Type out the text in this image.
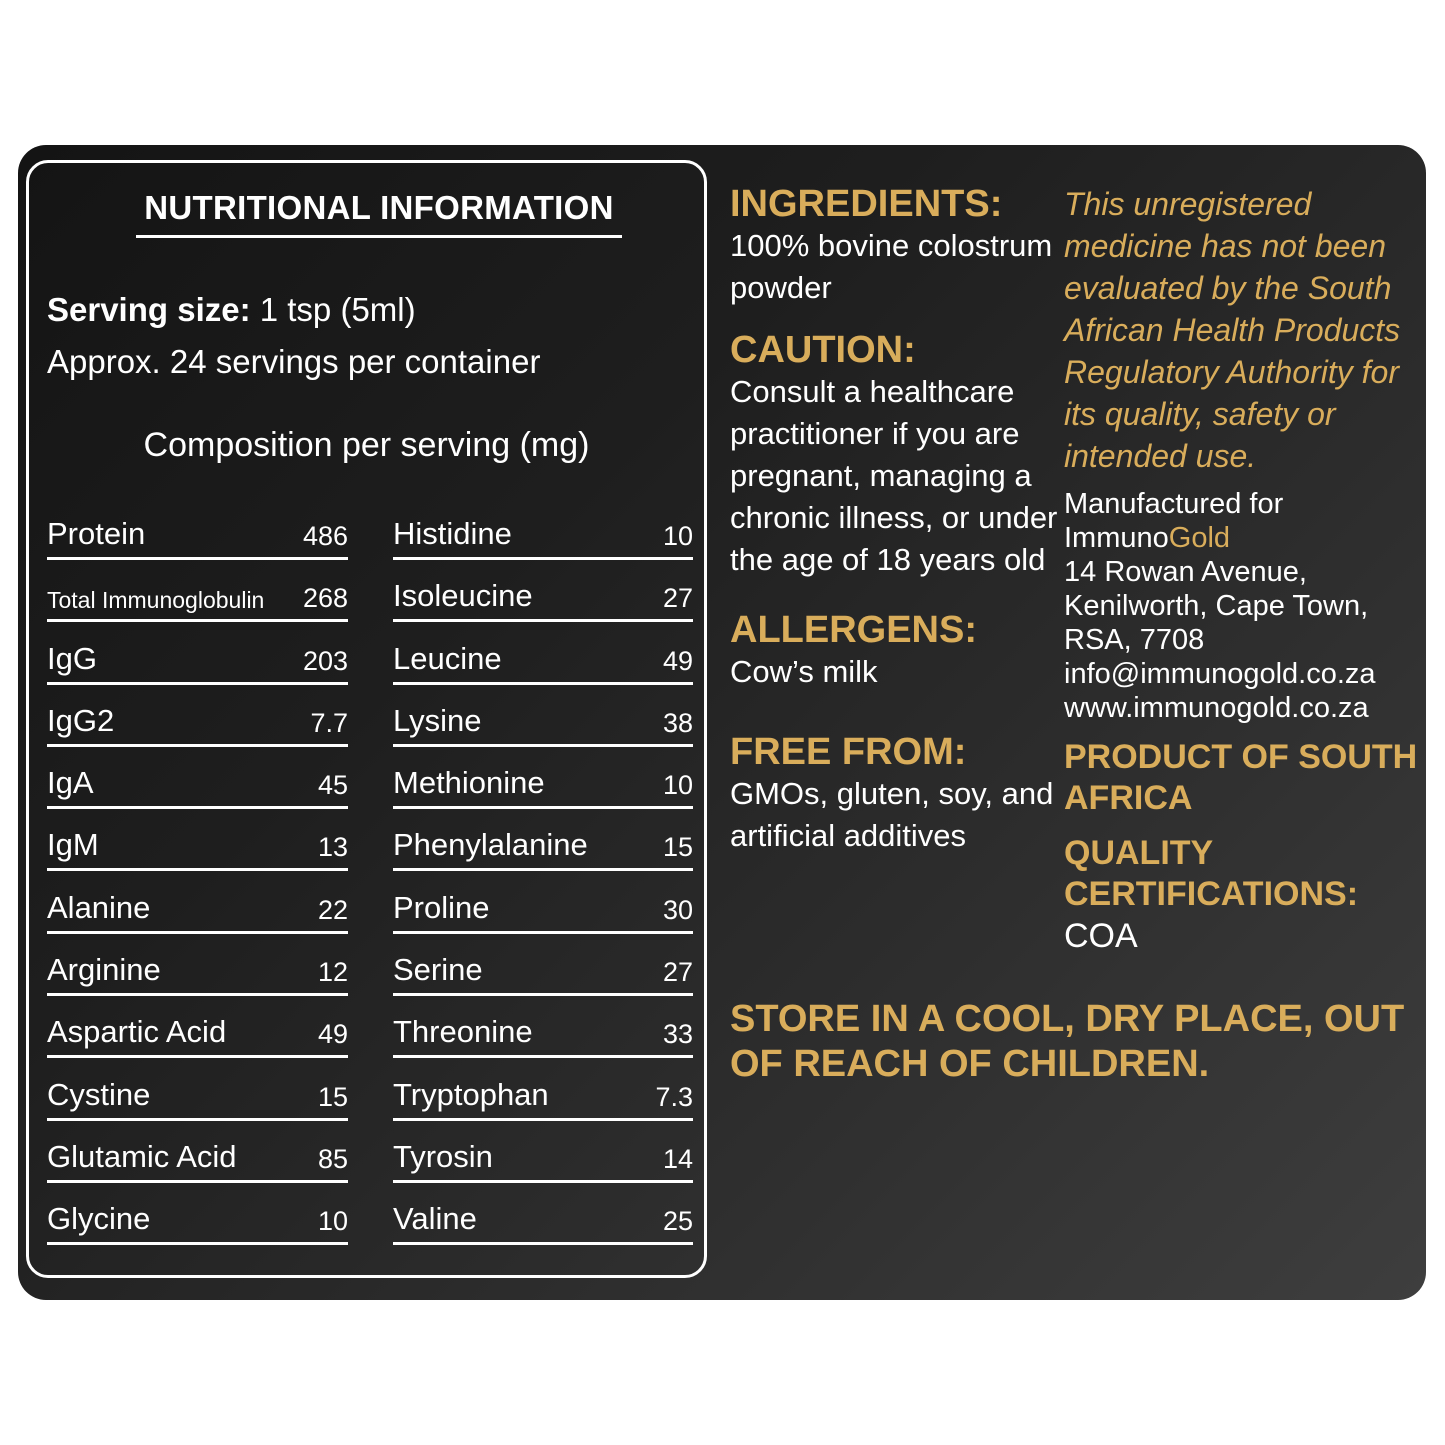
NUTRITIONAL INFORMATION
Serving size: 1 tsp (5ml)
Approx. 24 servings per container
Composition per serving (mg)
Protein	486
Total Immunoglobulin 268
IgG	203
IgG2	7.7
IgA	45
IgM	13
Alanine	22
Arginine	12
Aspartic Acid	49
Cystine	15
Glutamic Acid	85
Glycine	10
Histidine	10
Isoleucine	27
Leucine	49
Lysine	38
Methionine	10
Phenylalanine	15
Proline	30
Serine	27
Threonine	33
Tryptophan	7.3
Tyrosin	14
Valine	25
INGREDIENTS:
100% bovine colostrum powder
CAUTION:
Consult a healthcare practitioner if you are pregnant, managing a chronic illness, or under the age of 18 years old
ALLERGENS:
Cow’s milk
FREE FROM:
GMOs, gluten, soy, and artificial additives
This unregistered medicine has not been evaluated by the South African Health Products Regulatory Authority for its quality, safety or intended use.
Manufactured for
ImmunoGold
14 Rowan Avenue,
Kenilworth, Cape Town,
RSA, 7708
info@immunogold.co.za
www.immunogold.co.za
PRODUCT OF SOUTH AFRICA
QUALITY CERTIFICATIONS:
COA
STORE IN A COOL, DRY PLACE, OUT OF REACH OF CHILDREN.
